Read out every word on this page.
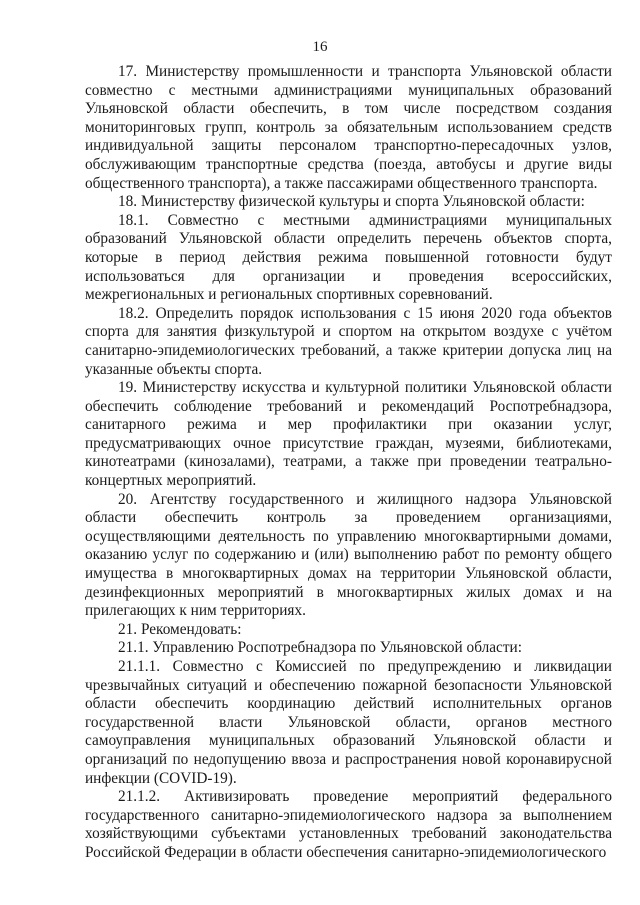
16

17. Министерству промышленности и транспорта Ульяновской области совместно с местными администрациями муниципальных образований Ульяновской области обеспечить, в том числе посредством создания мониторинговых групп, контроль за обязательным использованием средств индивидуальной защиты персоналом транспортно-пересадочных узлов, обслуживающим транспортные средства (поезда, автобусы и другие виды общественного транспорта), а также пассажирами общественного транспорта.

18. Министерству физической культуры и спорта Ульяновской области:

18.1. Совместно с местными администрациями муниципальных образований Ульяновской области определить перечень объектов спорта, которые в период действия режима повышенной готовности будут использоваться для организации и проведения всероссийских, межрегиональных и региональных спортивных соревнований.

18.2. Определить порядок использования с 15 июня 2020 года объектов спорта для занятия физкультурой и спортом на открытом воздухе с учётом санитарно-эпидемиологических требований, а также критерии допуска лиц на указанные объекты спорта.

19. Министерству искусства и культурной политики Ульяновской области обеспечить соблюдение требований и рекомендаций Роспотребнадзора, санитарного режима и мер профилактики при оказании услуг, предусматривающих очное присутствие граждан, музеями, библиотеками, кинотеатрами (кинозалами), театрами, а также при проведении театрально-концертных мероприятий.

20. Агентству государственного и жилищного надзора Ульяновской области обеспечить контроль за проведением организациями, осуществляющими деятельность по управлению многоквартирными домами, оказанию услуг по содержанию и (или) выполнению работ по ремонту общего имущества в многоквартирных домах на территории Ульяновской области, дезинфекционных мероприятий в многоквартирных жилых домах и на прилегающих к ним территориях.

21. Рекомендовать:

21.1. Управлению Роспотребнадзора по Ульяновской области:

21.1.1. Совместно с Комиссией по предупреждению и ликвидации чрезвычайных ситуаций и обеспечению пожарной безопасности Ульяновской области обеспечить координацию действий исполнительных органов государственной власти Ульяновской области, органов местного самоуправления муниципальных образований Ульяновской области и организаций по недопущению ввоза и распространения новой коронавирусной инфекции (COVID-19).

21.1.2. Активизировать проведение мероприятий федерального государственного санитарно-эпидемиологического надзора за выполнением хозяйствующими субъектами установленных требований законодательства Российской Федерации в области обеспечения санитарно-эпидемиологического
